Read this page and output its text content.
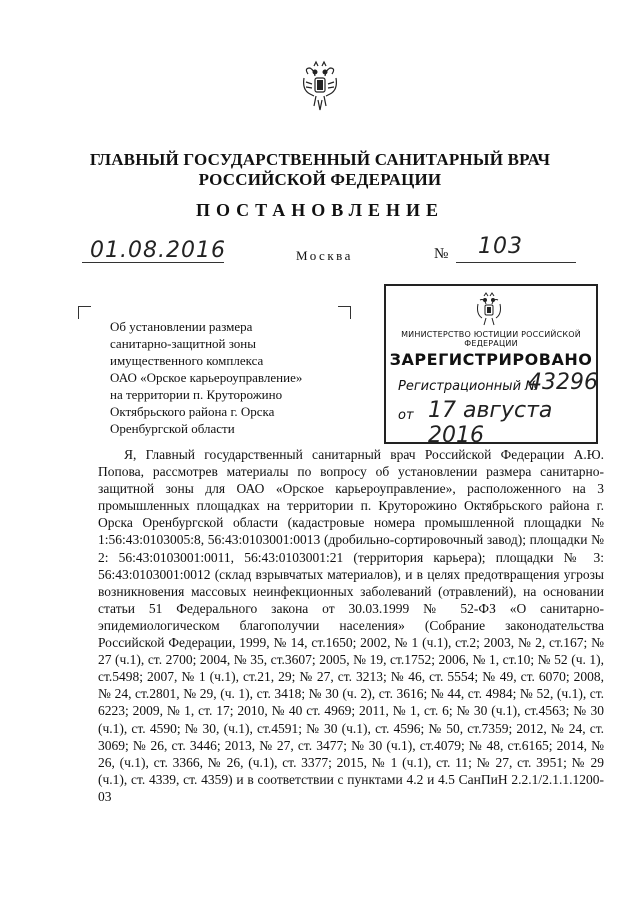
ГЛАВНЫЙ ГОСУДАРСТВЕННЫЙ САНИТАРНЫЙ ВРАЧ
РОССИЙСКОЙ ФЕДЕРАЦИИ
ПОСТАНОВЛЕНИЕ
01.08.2016	Москва	№ 103
Об установлении размера
санитарно-защитной зоны
имущественного комплекса
ОАО «Орское карьероуправление»
на территории п. Круторожино
Октябрьского района г. Орска
Оренбургской области
МИНИСТЕРСТВО ЮСТИЦИИ РОССИЙСКОЙ ФЕДЕРАЦИИ
ЗАРЕГИСТРИРОВАНО
Регистрационный №
43296
от 17 августа 2016

Я, Главный государственный санитарный врач Российской Федерации А.Ю. Попова, рассмотрев материалы по вопросу об установлении размера санитарно-защитной зоны для ОАО «Орское карьероуправление», расположенного на 3 промышленных площадках на территории п. Круторожино Октябрьского района г. Орска Оренбургской области (кадастровые номера промышленной площадки № 1:56:43:0103005:8, 56:43:0103001:0013 (дробильно-сортировочный завод); площадки № 2: 56:43:0103001:0011, 56:43:0103001:21 (территория карьера); площадки № 3: 56:43:0103001:0012 (склад взрывчатых материалов), и в целях предотвращения угрозы возникновения массовых неинфекционных заболеваний (отравлений), на основании статьи 51 Федерального закона от 30.03.1999 № 52-ФЗ «О санитарно-эпидемиологическом благополучии населения» (Собрание законодательства Российской Федерации, 1999, № 14, ст.1650; 2002, № 1 (ч.1), ст.2; 2003, № 2, ст.167; № 27 (ч.1), ст. 2700; 2004, № 35, ст.3607; 2005, № 19, ст.1752; 2006, № 1, ст.10; № 52 (ч. 1), ст.5498; 2007, № 1 (ч.1), ст.21, 29; № 27, ст. 3213; № 46, ст. 5554; № 49, ст. 6070; 2008, № 24, ст.2801, № 29, (ч. 1), ст. 3418; № 30 (ч. 2), ст. 3616; № 44, ст. 4984; № 52, (ч.1), ст. 6223; 2009, № 1, ст. 17; 2010, № 40 ст. 4969; 2011, № 1, ст. 6; № 30 (ч.1), ст.4563; № 30 (ч.1), ст. 4590; № 30, (ч.1), ст.4591; № 30 (ч.1), ст. 4596; № 50, ст.7359; 2012, № 24, ст. 3069; № 26, ст. 3446; 2013, № 27, ст. 3477; № 30 (ч.1), ст.4079; № 48, ст.6165; 2014, № 26, (ч.1), ст. 3366, № 26, (ч.1), ст. 3377; 2015, № 1 (ч.1), ст. 11; № 27, ст. 3951; № 29 (ч.1), ст. 4339, ст. 4359) и в соответствии с пунктами 4.2 и 4.5 СанПиН 2.2.1/2.1.1.1200-03
